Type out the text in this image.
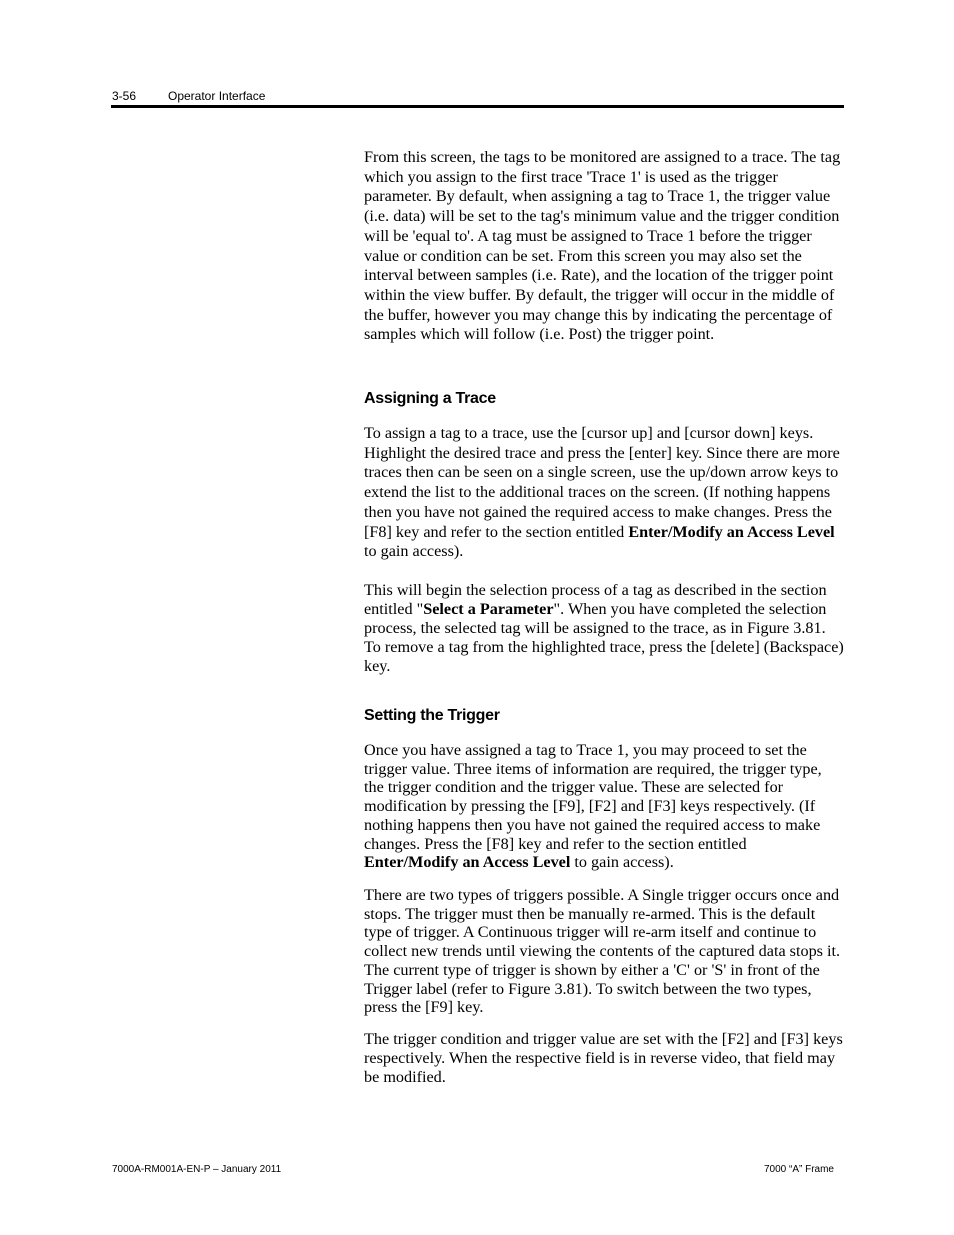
3-56	Operator Interface

From this screen, the tags to be monitored are assigned to a trace. The tag which you assign to the first trace 'Trace 1' is used as the trigger parameter. By default, when assigning a tag to Trace 1, the trigger value (i.e. data) will be set to the tag's minimum value and the trigger condition will be 'equal to'. A tag must be assigned to Trace 1 before the trigger value or condition can be set. From this screen you may also set the interval between samples (i.e. Rate), and the location of the trigger point within the view buffer. By default, the trigger will occur in the middle of the buffer, however you may change this by indicating the percentage of samples which will follow (i.e. Post) the trigger point.

Assigning a Trace

To assign a tag to a trace, use the [cursor up] and [cursor down] keys. Highlight the desired trace and press the [enter] key. Since there are more traces then can be seen on a single screen, use the up/down arrow keys to extend the list to the additional traces on the screen. (If nothing happens then you have not gained the required access to make changes. Press the [F8] key and refer to the section entitled Enter/Modify an Access Level to gain access).

This will begin the selection process of a tag as described in the section entitled "Select a Parameter". When you have completed the selection process, the selected tag will be assigned to the trace, as in Figure 3.81. To remove a tag from the highlighted trace, press the [delete] (Backspace) key.

Setting the Trigger

Once you have assigned a tag to Trace 1, you may proceed to set the trigger value. Three items of information are required, the trigger type, the trigger condition and the trigger value. These are selected for modification by pressing the [F9], [F2] and [F3] keys respectively. (If nothing happens then you have not gained the required access to make changes. Press the [F8] key and refer to the section entitled Enter/Modify an Access Level to gain access).

There are two types of triggers possible. A Single trigger occurs once and stops. The trigger must then be manually re-armed. This is the default type of trigger. A Continuous trigger will re-arm itself and continue to collect new trends until viewing the contents of the captured data stops it. The current type of trigger is shown by either a 'C' or 'S' in front of the Trigger label (refer to Figure 3.81). To switch between the two types, press the [F9] key.

The trigger condition and trigger value are set with the [F2] and [F3] keys respectively. When the respective field is in reverse video, that field may be modified.

7000A-RM001A-EN-P – January 2011	7000 “A” Frame
